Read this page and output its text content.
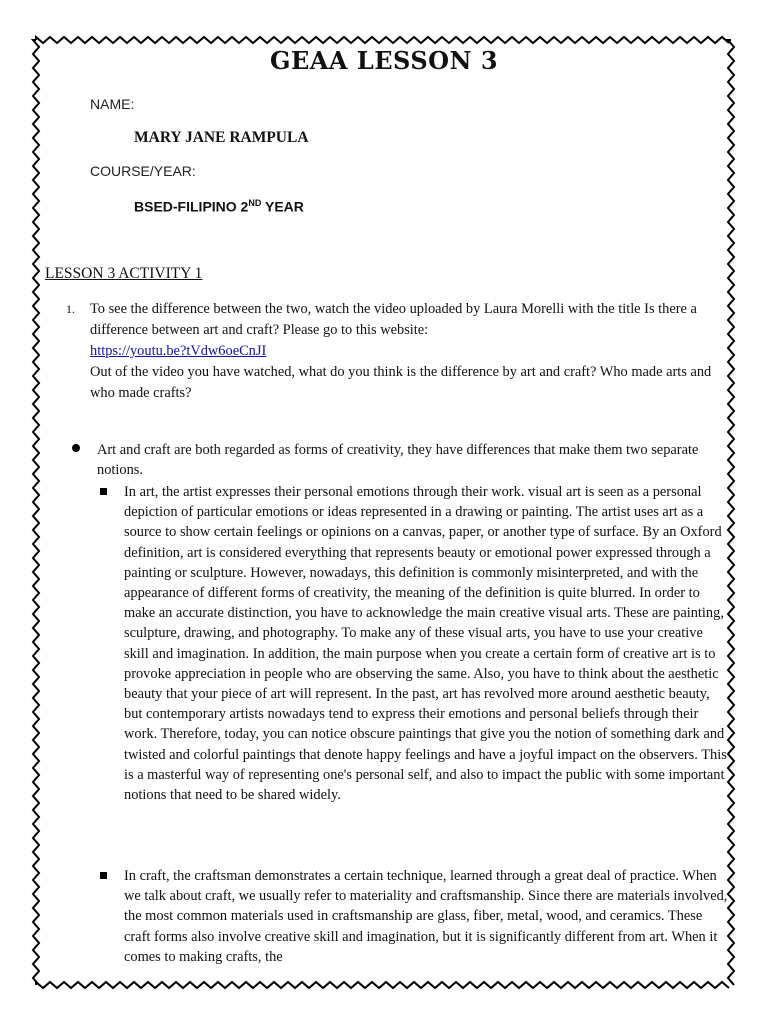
GEAA LESSON 3
NAME:
MARY JANE RAMPULA
COURSE/YEAR:
BSED-FILIPINO 2ND YEAR
LESSON 3 ACTIVITY 1
1. To see the difference between the two, watch the video uploaded by Laura Morelli with the title Is there a difference between art and craft? Please go to this website:
https://youtu.be?tVdw6oeCnJI
Out of the video you have watched, what do you think is the difference by art and craft? Who made arts and who made crafts?
Art and craft are both regarded as forms of creativity, they have differences that make them two separate notions.
In art, the artist expresses their personal emotions through their work. visual art is seen as a personal depiction of particular emotions or ideas represented in a drawing or painting. The artist uses art as a source to show certain feelings or opinions on a canvas, paper, or another type of surface. By an Oxford definition, art is considered everything that represents beauty or emotional power expressed through a painting or sculpture. However, nowadays, this definition is commonly misinterpreted, and with the appearance of different forms of creativity, the meaning of the definition is quite blurred. In order to make an accurate distinction, you have to acknowledge the main creative visual arts. These are painting, sculpture, drawing, and photography. To make any of these visual arts, you have to use your creative skill and imagination. In addition, the main purpose when you create a certain form of creative art is to provoke appreciation in people who are observing the same. Also, you have to think about the aesthetic beauty that your piece of art will represent. In the past, art has revolved more around aesthetic beauty, but contemporary artists nowadays tend to express their emotions and personal beliefs through their work. Therefore, today, you can notice obscure paintings that give you the notion of something dark and twisted and colorful paintings that denote happy feelings and have a joyful impact on the observers. This is a masterful way of representing one's personal self, and also to impact the public with some important notions that need to be shared widely.
In craft, the craftsman demonstrates a certain technique, learned through a great deal of practice. When we talk about craft, we usually refer to materiality and craftsmanship. Since there are materials involved, the most common materials used in craftsmanship are glass, fiber, metal, wood, and ceramics. These craft forms also involve creative skill and imagination, but it is significantly different from art. When it comes to making crafts, the
